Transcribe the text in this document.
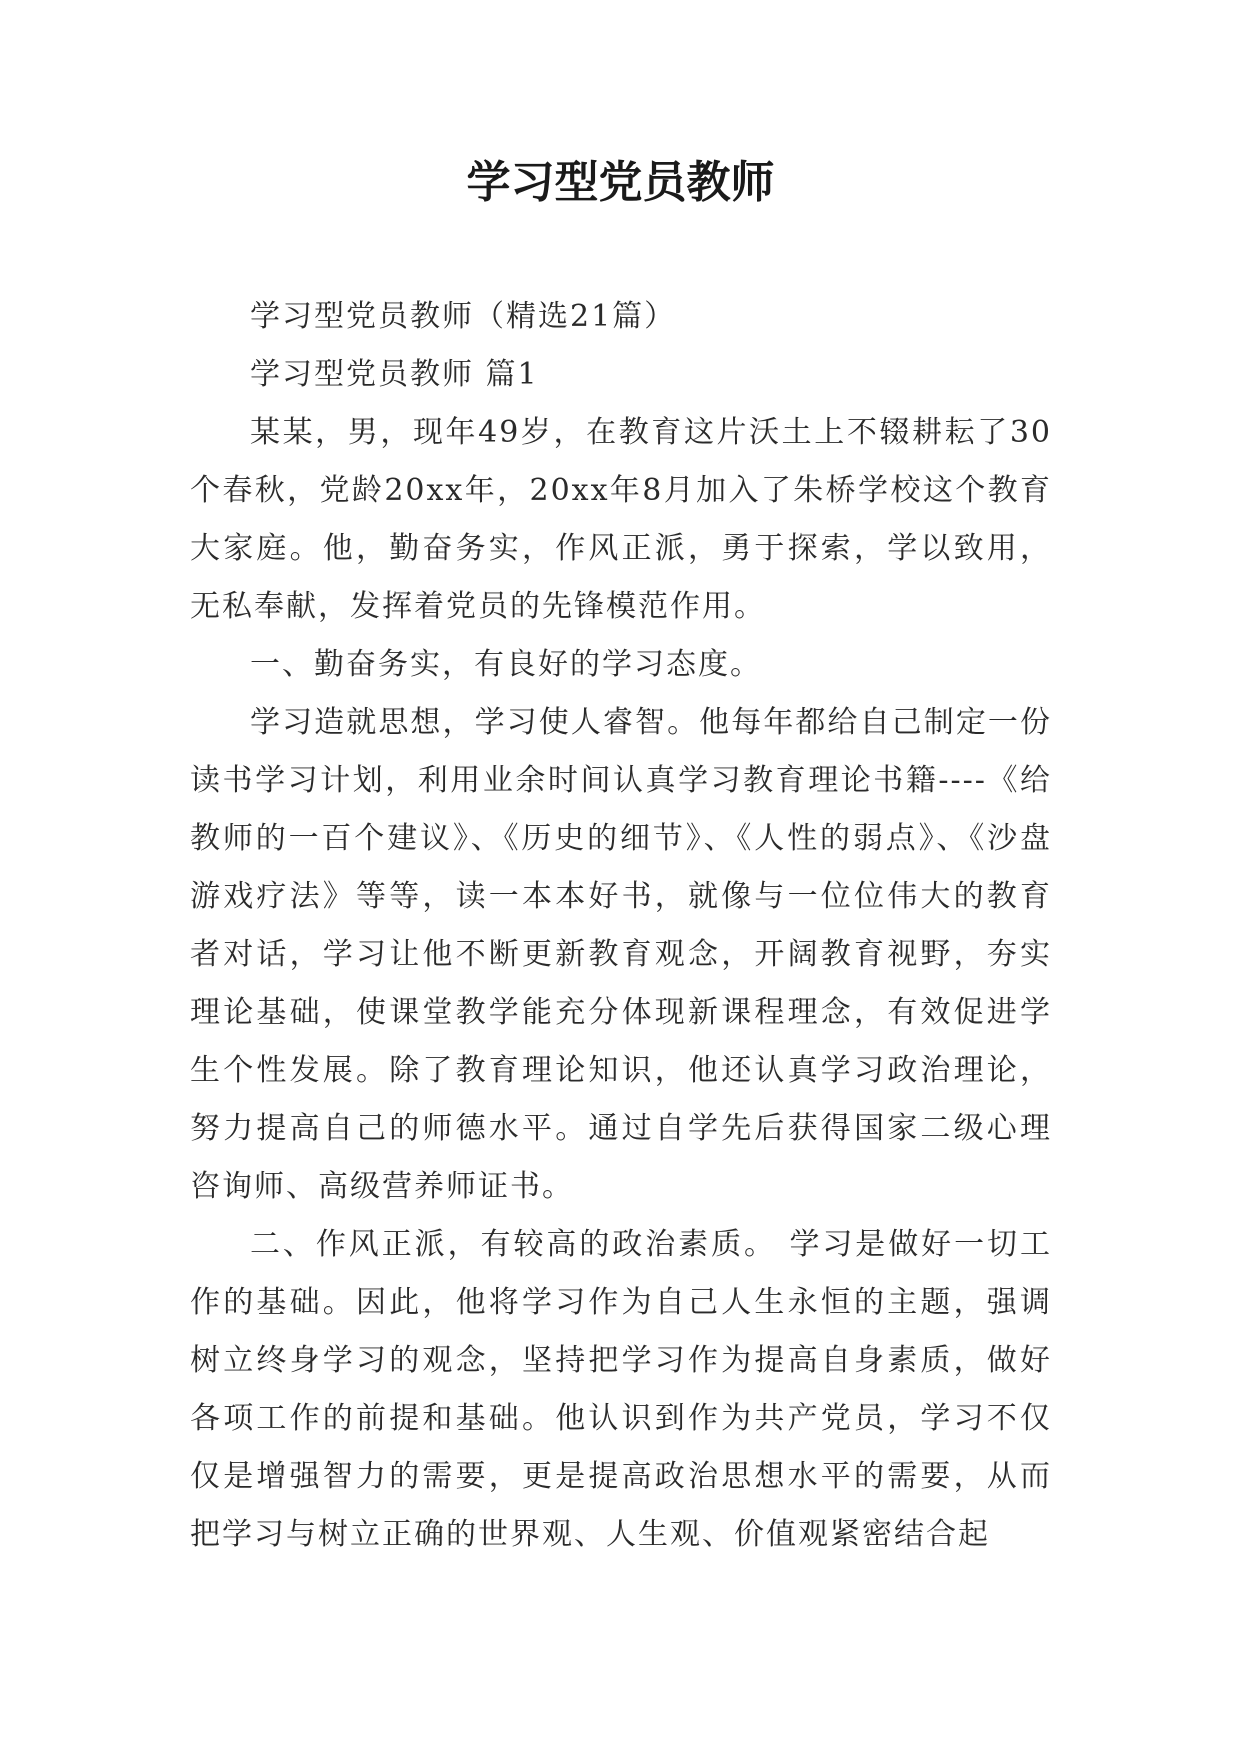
学习型党员教师

学习型党员教师（精选21篇）

学习型党员教师 篇1

某某，男，现年49岁，在教育这片沃土上不辍耕耘了30个春秋，党龄20xx年，20xx年8月加入了朱桥学校这个教育大家庭。他，勤奋务实，作风正派，勇于探索，学以致用，无私奉献，发挥着党员的先锋模范作用。

一、勤奋务实，有良好的学习态度。

学习造就思想，学习使人睿智。他每年都给自己制定一份读书学习计划，利用业余时间认真学习教育理论书籍----《给教师的一百个建议》、《历史的细节》、《人性的弱点》、《沙盘游戏疗法》等等，读一本本好书，就像与一位位伟大的教育者对话，学习让他不断更新教育观念，开阔教育视野，夯实理论基础，使课堂教学能充分体现新课程理念，有效促进学生个性发展。除了教育理论知识，他还认真学习政治理论，努力提高自己的师德水平。通过自学先后获得国家二级心理咨询师、高级营养师证书。

二、作风正派，有较高的政治素质。 学习是做好一切工作的基础。因此，他将学习作为自己人生永恒的主题，强调树立终身学习的观念，坚持把学习作为提高自身素质，做好各项工作的前提和基础。他认识到作为共产党员，学习不仅仅是增强智力的需要，更是提高政治思想水平的需要，从而把学习与树立正确的世界观、人生观、价值观紧密结合起
